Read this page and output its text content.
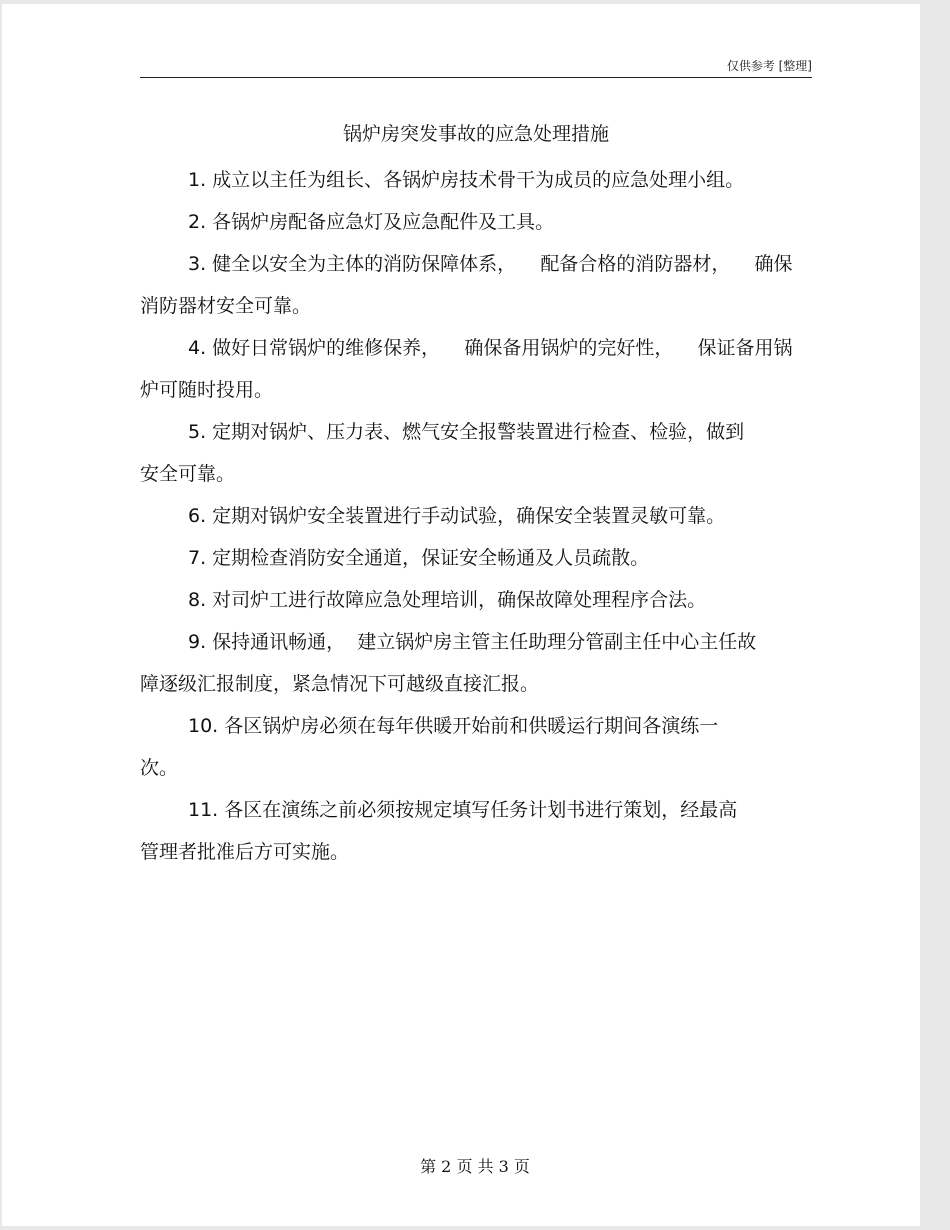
仅供参考 [整理]
锅炉房突发事故的应急处理措施
1. 成立以主任为组长、各锅炉房技术骨干为成员的应急处理小组。
2. 各锅炉房配备应急灯及应急配件及工具。
3. 健全以安全为主体的消防保障体系，    配备合格的消防器材，    确保
消防器材安全可靠。
4. 做好日常锅炉的维修保养，    确保备用锅炉的完好性，    保证备用锅
炉可随时投用。
5. 定期对锅炉、压力表、燃气安全报警装置进行检查、检验，做到
安全可靠。
6. 定期对锅炉安全装置进行手动试验，确保安全装置灵敏可靠。
7. 定期检查消防安全通道，保证安全畅通及人员疏散。
8. 对司炉工进行故障应急处理培训，确保故障处理程序合法。
9. 保持通讯畅通，  建立锅炉房主管主任助理分管副主任中心主任故
障逐级汇报制度，紧急情况下可越级直接汇报。
10. 各区锅炉房必须在每年供暖开始前和供暖运行期间各演练一
次。
11. 各区在演练之前必须按规定填写任务计划书进行策划，经最高
管理者批准后方可实施。
第 2 页 共 3 页
